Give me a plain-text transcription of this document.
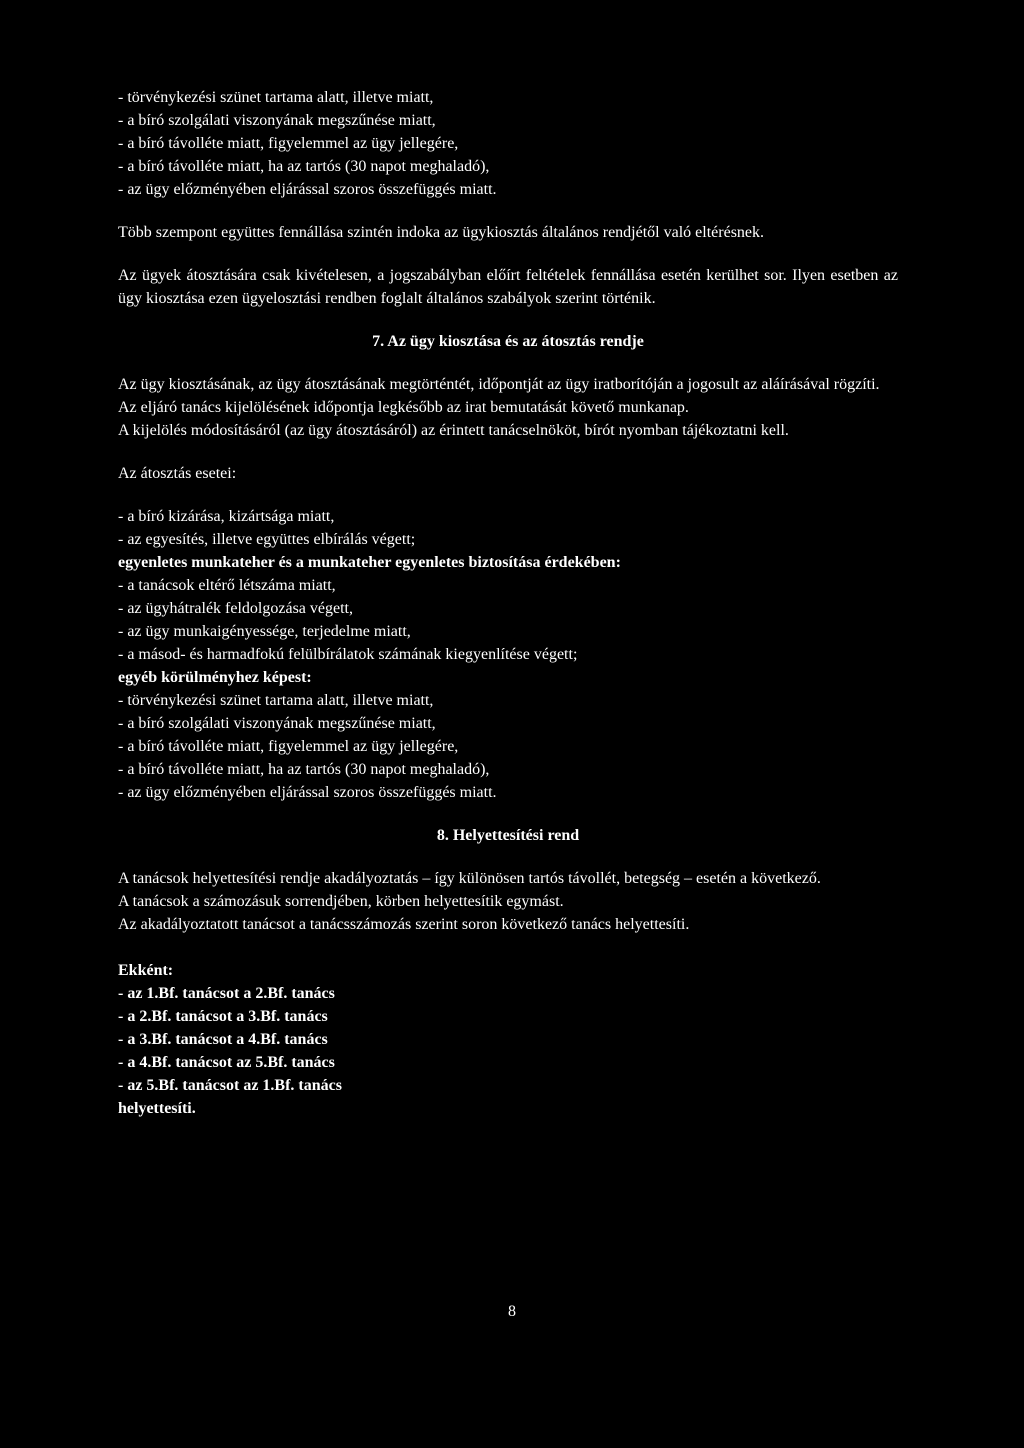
- törvénykezési szünet tartama alatt, illetve miatt,
- a bíró szolgálati viszonyának megszűnése miatt,
- a bíró távolléte miatt, figyelemmel az ügy jellegére,
- a bíró távolléte miatt, ha az tartós (30 napot meghaladó),
- az ügy előzményében eljárással szoros összefüggés miatt.

Több szempont együttes fennállása szintén indoka az ügykiosztás általános rendjétől való eltérésnek.

Az ügyek átosztására csak kivételesen, a jogszabályban előírt feltételek fennállása esetén kerülhet sor. Ilyen esetben az ügy kiosztása ezen ügyelosztási rendben foglalt általános szabályok szerint történik.

7. Az ügy kiosztása és az átosztás rendje

Az ügy kiosztásának, az ügy átosztásának megtörténtét, időpontját az ügy iratborítóján a jogosult az aláírásával rögzíti.

Az eljáró tanács kijelölésének időpontja legkésőbb az irat bemutatását követő munkanap.

A kijelölés módosításáról (az ügy átosztásáról) az érintett tanácselnököt, bírót nyomban tájékoztatni kell.

Az átosztás esetei:
- a bíró kizárása, kizártsága miatt,
- az egyesítés, illetve együttes elbírálás végett;
egyenletes munkateher és a munkateher egyenletes biztosítása érdekében:
- a tanácsok eltérő létszáma miatt,
- az ügyhátralék feldolgozása végett,
- az ügy munkaigényessége, terjedelme miatt,
- a másod- és harmadfokú felülbírálatok számának kiegyenlítése végett;
egyéb körülményhez képest:
- törvénykezési szünet tartama alatt, illetve miatt,
- a bíró szolgálati viszonyának megszűnése miatt,
- a bíró távolléte miatt, figyelemmel az ügy jellegére,
- a bíró távolléte miatt, ha az tartós (30 napot meghaladó),
- az ügy előzményében eljárással szoros összefüggés miatt.

8. Helyettesítési rend

A tanácsok helyettesítési rendje akadályoztatás – így különösen tartós távollét, betegség – esetén a következő.

A tanácsok a számozásuk sorrendjében, körben helyettesítik egymást.

Az akadályoztatott tanácsot a tanácsszámozás szerint soron következő tanács helyettesíti.

Ekként:
- az 1.Bf. tanácsot a 2.Bf. tanács
- a 2.Bf. tanácsot a 3.Bf. tanács
- a 3.Bf. tanácsot a 4.Bf. tanács
- a 4.Bf. tanácsot az 5.Bf. tanács
- az 5.Bf. tanácsot az 1.Bf. tanács
helyettesíti.
8
